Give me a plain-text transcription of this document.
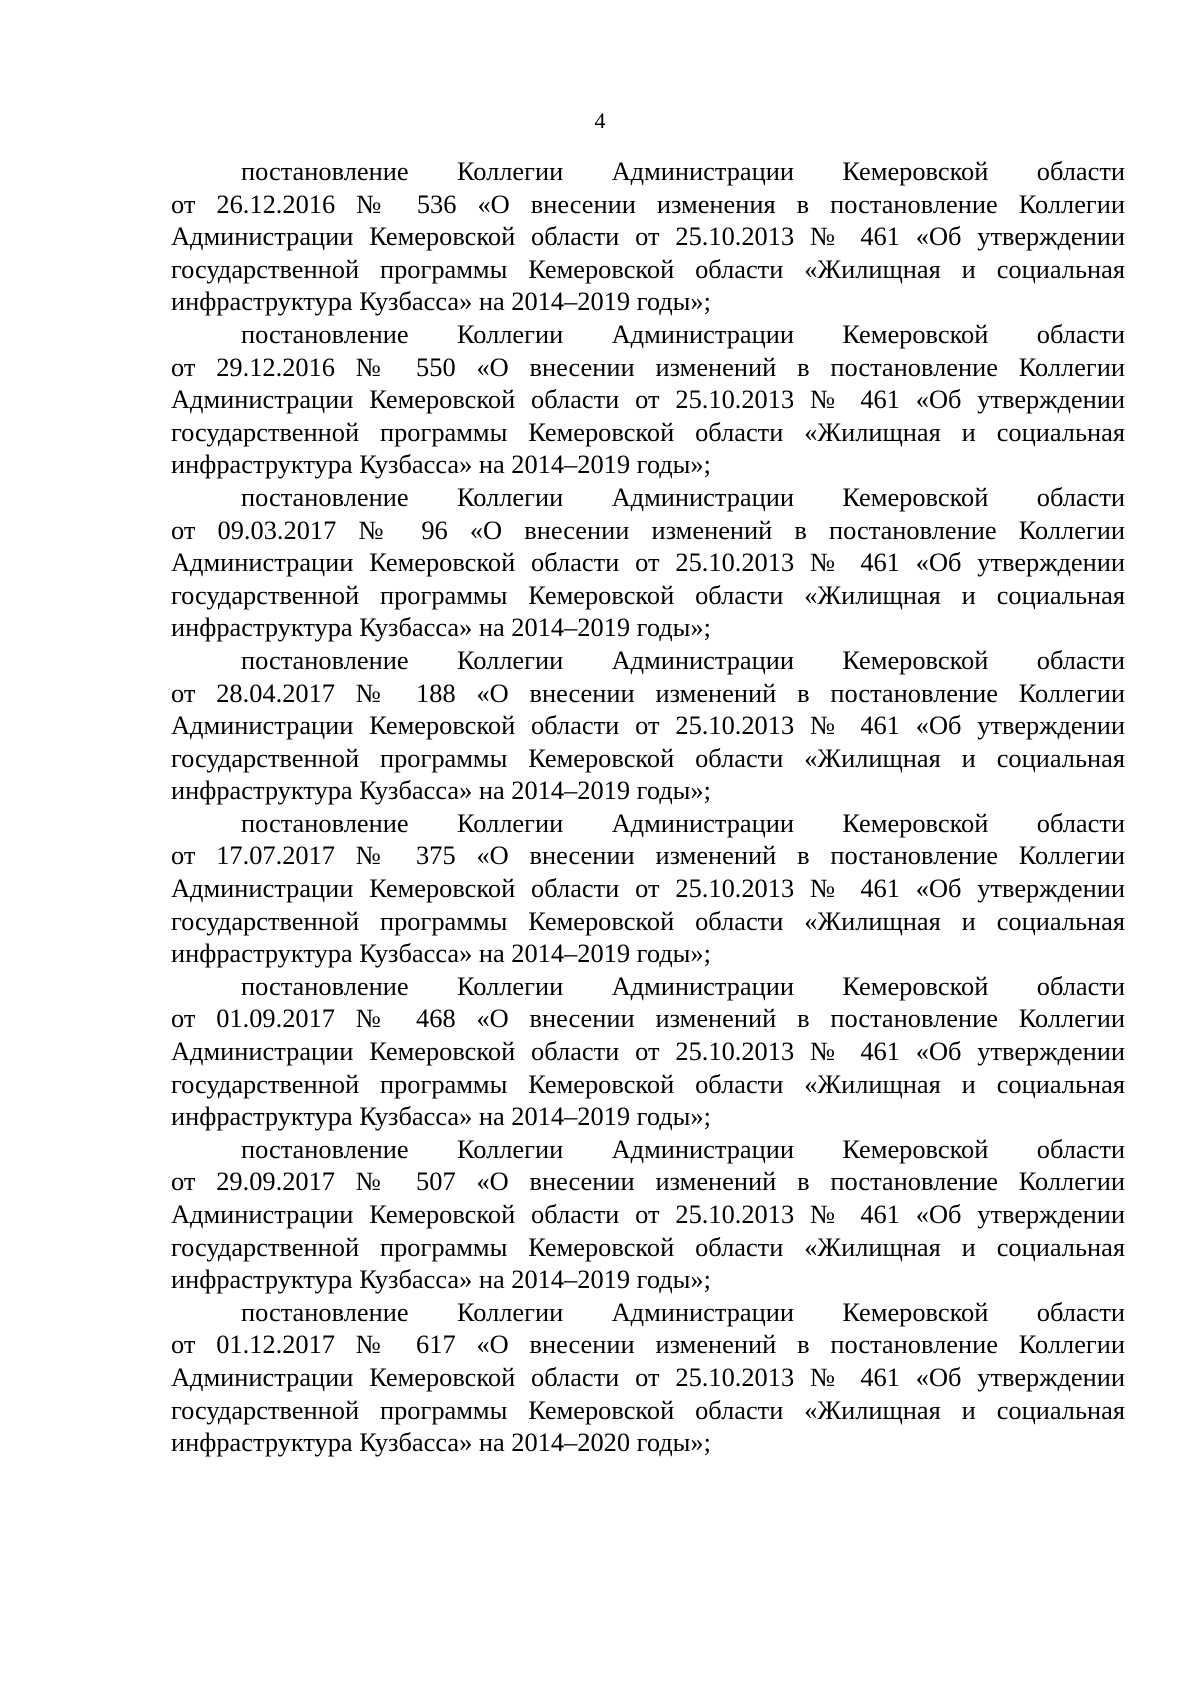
4

постановление Коллегии Администрации Кемеровской области
от 26.12.2016 № 536 «О внесении изменения в постановление Коллегии
Администрации Кемеровской области от 25.10.2013 № 461 «Об утверждении
государственной программы Кемеровской области «Жилищная и социальная
инфраструктура Кузбасса» на 2014–2019 годы»;

постановление Коллегии Администрации Кемеровской области
от 29.12.2016 № 550 «О внесении изменений в постановление Коллегии
Администрации Кемеровской области от 25.10.2013 № 461 «Об утверждении
государственной программы Кемеровской области «Жилищная и социальная
инфраструктура Кузбасса» на 2014–2019 годы»;

постановление Коллегии Администрации Кемеровской области
от 09.03.2017 № 96 «О внесении изменений в постановление Коллегии
Администрации Кемеровской области от 25.10.2013 № 461 «Об утверждении
государственной программы Кемеровской области «Жилищная и социальная
инфраструктура Кузбасса» на 2014–2019 годы»;

постановление Коллегии Администрации Кемеровской области
от 28.04.2017 № 188 «О внесении изменений в постановление Коллегии
Администрации Кемеровской области от 25.10.2013 № 461 «Об утверждении
государственной программы Кемеровской области «Жилищная и социальная
инфраструктура Кузбасса» на 2014–2019 годы»;

постановление Коллегии Администрации Кемеровской области
от 17.07.2017 № 375 «О внесении изменений в постановление Коллегии
Администрации Кемеровской области от 25.10.2013 № 461 «Об утверждении
государственной программы Кемеровской области «Жилищная и социальная
инфраструктура Кузбасса» на 2014–2019 годы»;

постановление Коллегии Администрации Кемеровской области
от 01.09.2017 № 468 «О внесении изменений в постановление Коллегии
Администрации Кемеровской области от 25.10.2013 № 461 «Об утверждении
государственной программы Кемеровской области «Жилищная и социальная
инфраструктура Кузбасса» на 2014–2019 годы»;

постановление Коллегии Администрации Кемеровской области
от 29.09.2017 № 507 «О внесении изменений в постановление Коллегии
Администрации Кемеровской области от 25.10.2013 № 461 «Об утверждении
государственной программы Кемеровской области «Жилищная и социальная
инфраструктура Кузбасса» на 2014–2019 годы»;

постановление Коллегии Администрации Кемеровской области
от 01.12.2017 № 617 «О внесении изменений в постановление Коллегии
Администрации Кемеровской области от 25.10.2013 № 461 «Об утверждении
государственной программы Кемеровской области «Жилищная и социальная
инфраструктура Кузбасса» на 2014–2020 годы»;
